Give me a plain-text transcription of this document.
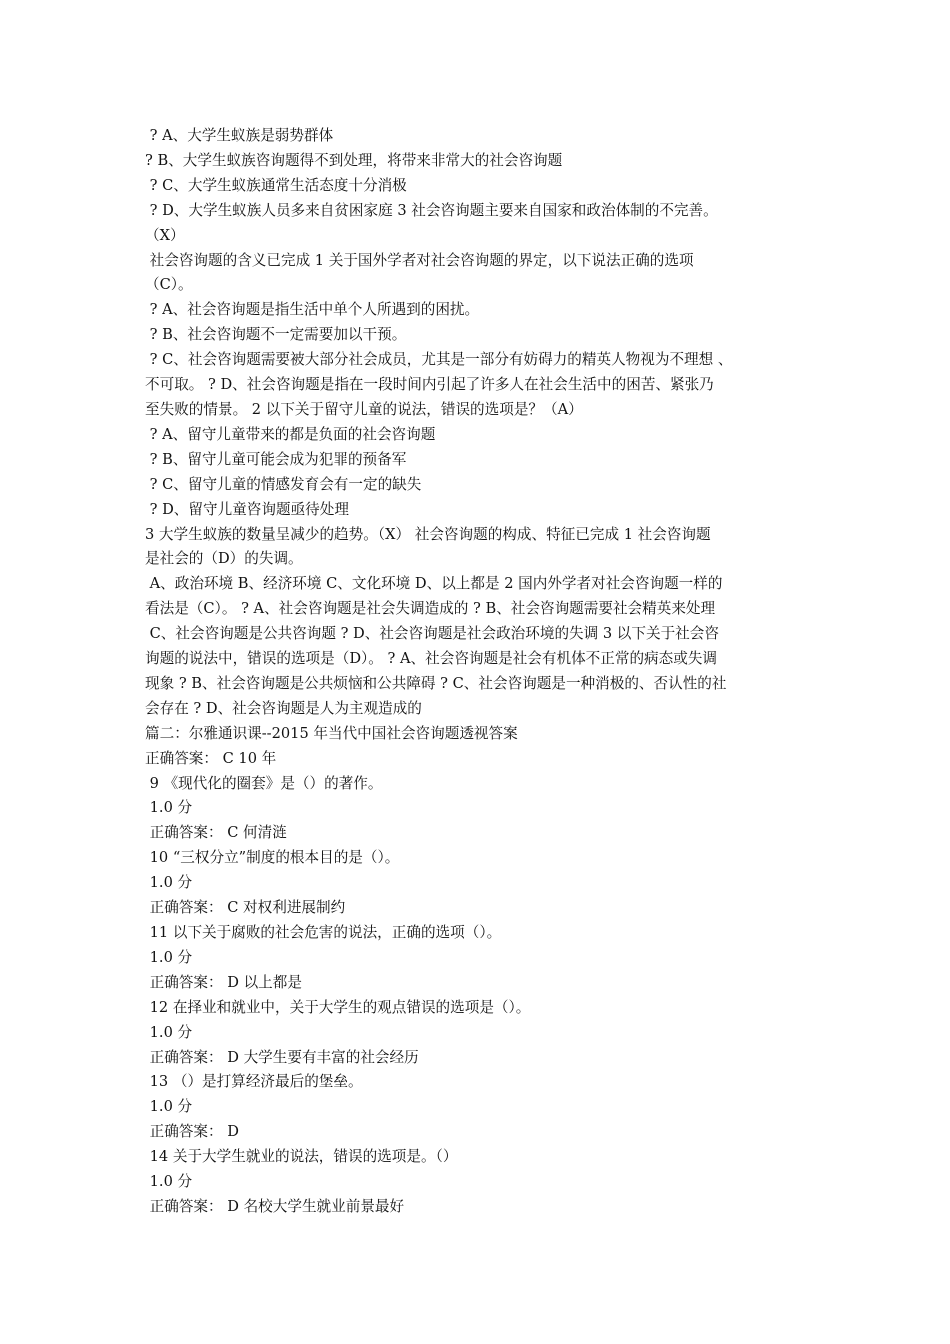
? A、大学生蚁族是弱势群体

? B、大学生蚁族咨询题得不到处理，将带来非常大的社会咨询题

? C、大学生蚁族通常生活态度十分消极

? D、大学生蚁族人员多来自贫困家庭 3 社会咨询题主要来自国家和政治体制的不完善。

（X）

社会咨询题的含义已完成 1 关于国外学者对社会咨询题的界定，以下说法正确的选项

（C）。

? A、社会咨询题是指生活中单个人所遇到的困扰。

? B、社会咨询题不一定需要加以干预。

? C、社会咨询题需要被大部分社会成员，尤其是一部分有妨碍力的精英人物视为不理想 、

不可取。 ? D、社会咨询题是指在一段时间内引起了许多人在社会生活中的困苦、紧张乃

至失败的情景。 2 以下关于留守儿童的说法，错误的选项是？（A）

? A、留守儿童带来的都是负面的社会咨询题

? B、留守儿童可能会成为犯罪的预备军

? C、留守儿童的情感发育会有一定的缺失

? D、留守儿童咨询题亟待处理

3 大学生蚁族的数量呈减少的趋势。（X） 社会咨询题的构成、特征已完成 1 社会咨询题

是社会的（D）的失调。

A、政治环境 B、经济环境 C、文化环境 D、以上都是 2 国内外学者对社会咨询题一样的

看法是（C）。 ? A、社会咨询题是社会失调造成的 ? B、社会咨询题需要社会精英来处理

C、社会咨询题是公共咨询题 ? D、社会咨询题是社会政治环境的失调 3 以下关于社会咨

询题的说法中，错误的选项是（D）。 ? A、社会咨询题是社会有机体不正常的病态或失调

现象 ? B、社会咨询题是公共烦恼和公共障碍 ? C、社会咨询题是一种消极的、否认性的社

会存在 ? D、社会咨询题是人为主观造成的

篇二：尔雅通识课--2015 年当代中国社会咨询题透视答案

正确答案： C 10 年

9 《现代化的圈套》是（）的著作。

1.0 分

正确答案： C 何清涟

10 “三权分立”制度的根本目的是（）。

1.0 分

正确答案： C 对权利进展制约

11 以下关于腐败的社会危害的说法，正确的选项（）。

1.0 分

正确答案： D 以上都是

12 在择业和就业中，关于大学生的观点错误的选项是（）。

1.0 分

正确答案： D 大学生要有丰富的社会经历

13 （）是打算经济最后的堡垒。

1.0 分

正确答案： D

14 关于大学生就业的说法，错误的选项是。（）

1.0 分

正确答案： D 名校大学生就业前景最好
